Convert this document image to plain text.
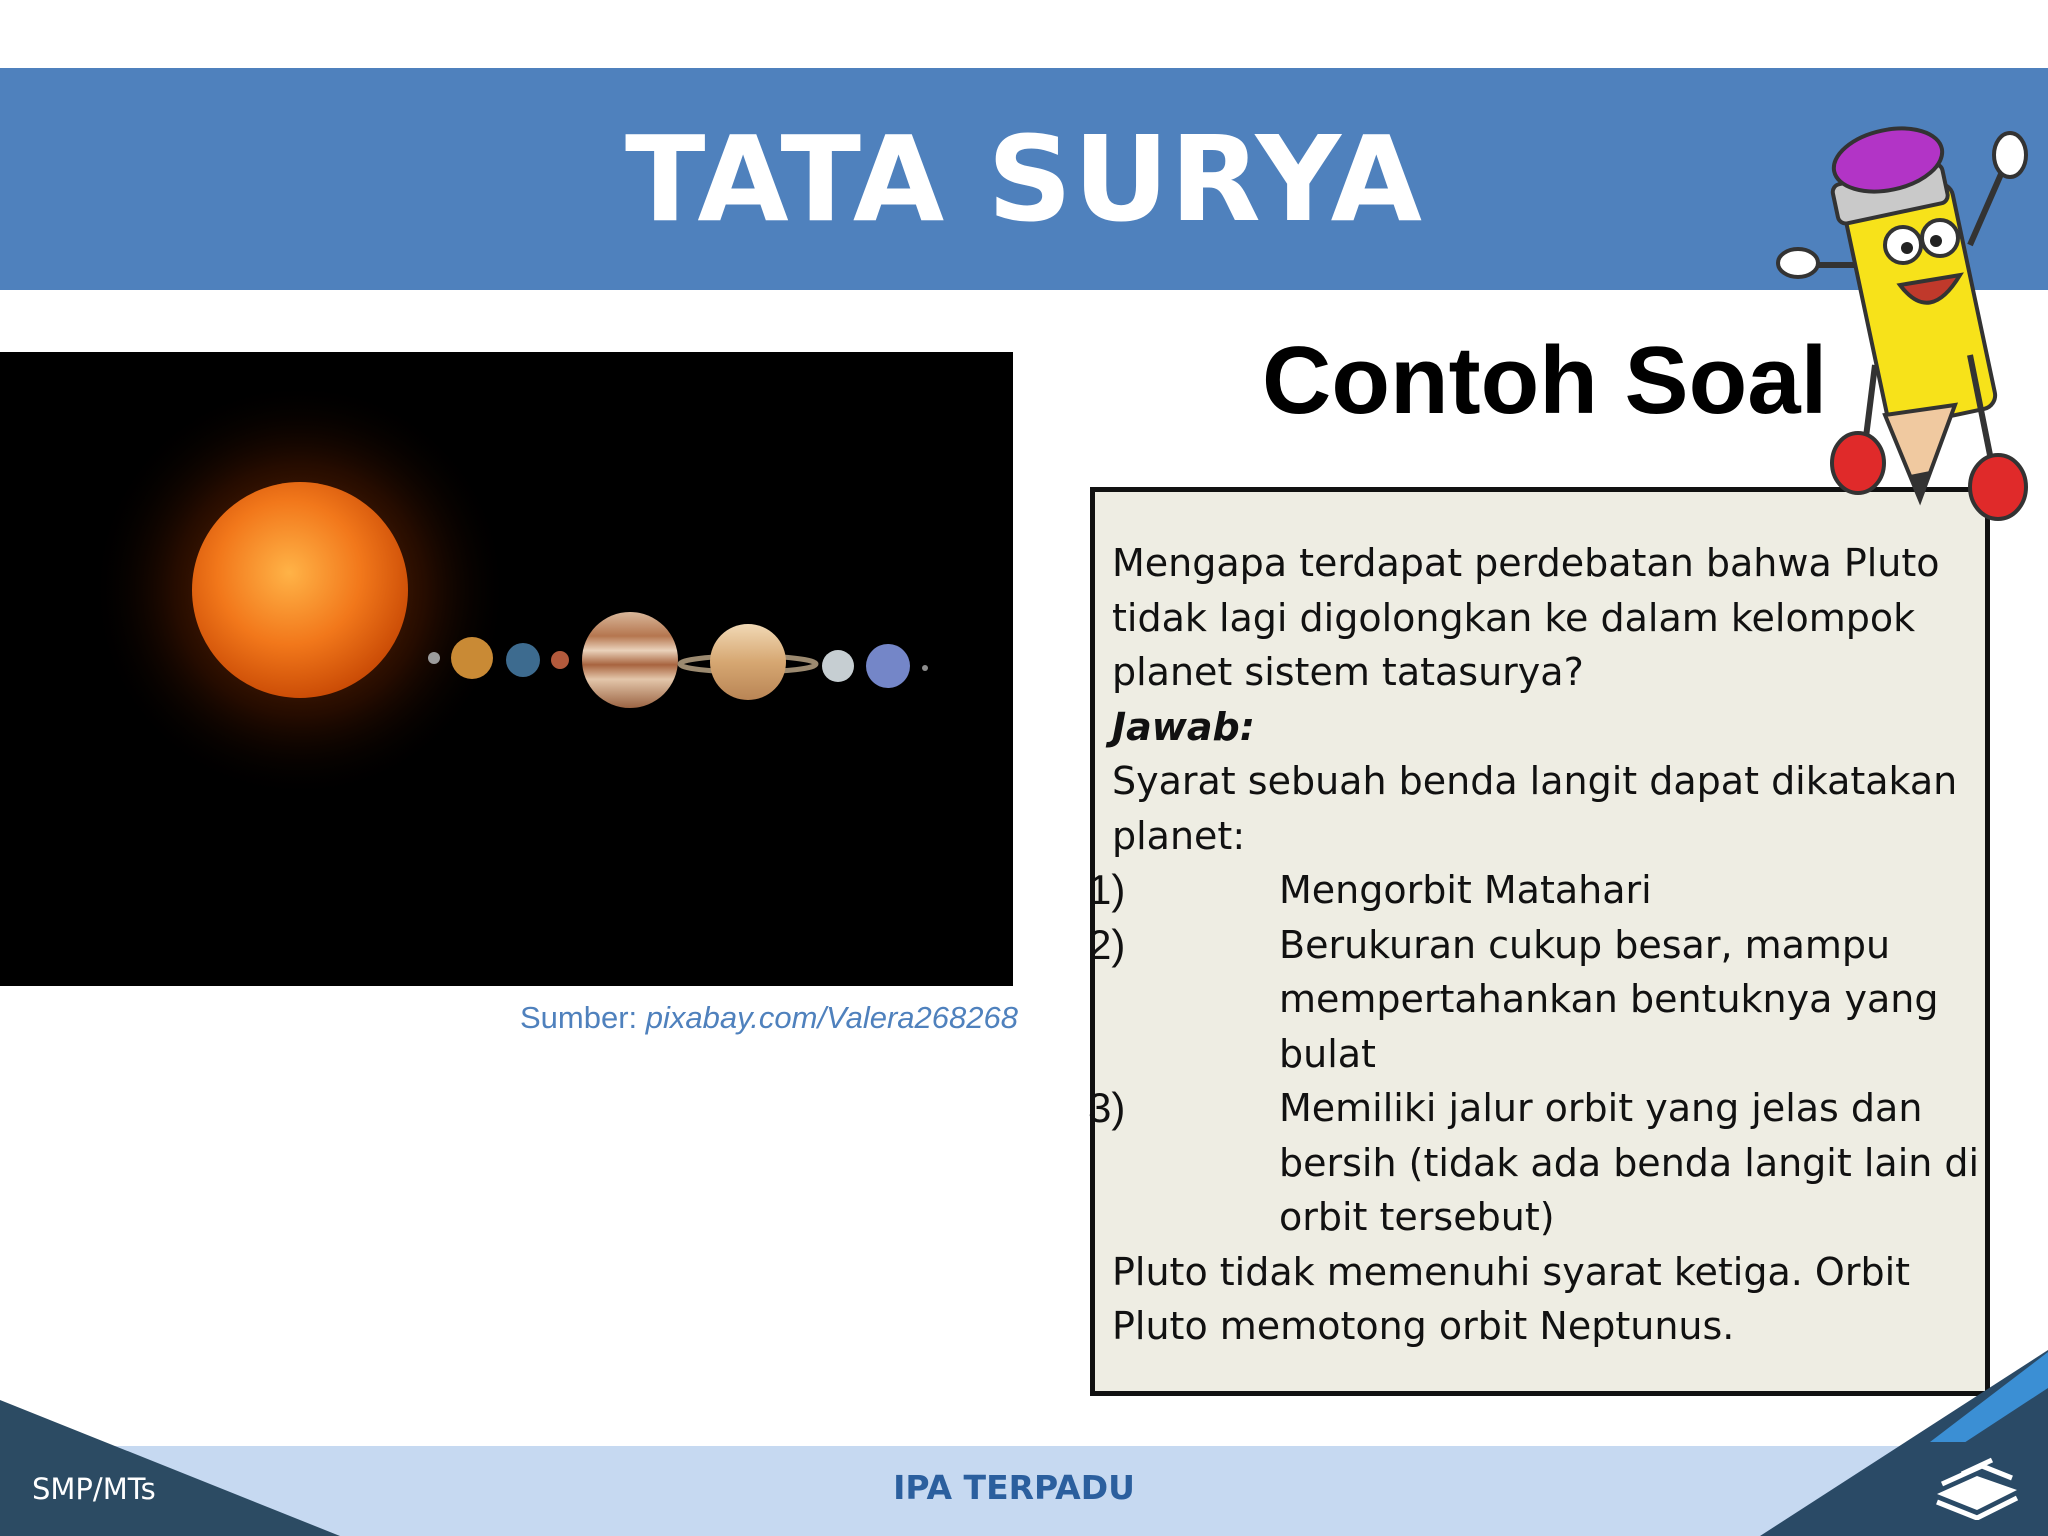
TATA SURYA
Sumber: pixabay.com/Valera268268
Contoh Soal

Mengapa terdapat perdebatan bahwa Pluto tidak lagi digolongkan ke dalam kelompok planet sistem tatasurya?

Jawab:

Syarat sebuah benda langit dapat dikatakan planet:

1)	Mengorbit Matahari
2)	Berukuran cukup besar, mampu mempertahankan bentuknya yang bulat
3)	Memiliki jalur orbit yang jelas dan bersih (tidak ada benda langit lain di orbit tersebut)

Pluto tidak memenuhi syarat ketiga. Orbit Pluto memotong orbit Neptunus.

SMP/MTs	IPA TERPADU
